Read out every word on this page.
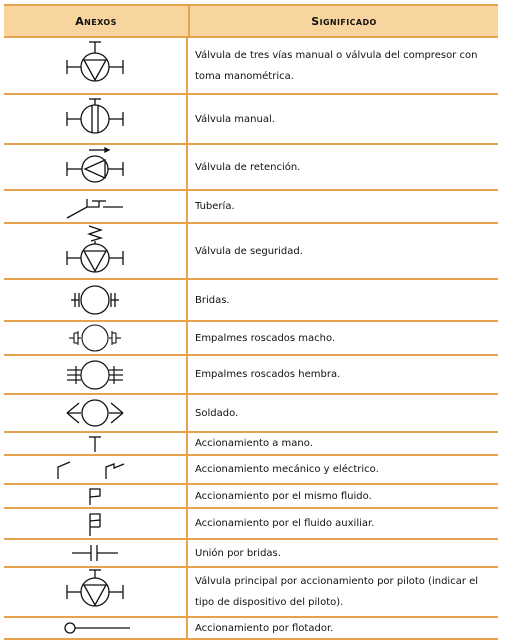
Anexos	Significado
Válvula de tres vías manual o válvula del compresor con toma manométrica.
Válvula manual.
Válvula de retención.
Tubería.
Válvula de seguridad.
Bridas.
Empalmes roscados macho.
Empalmes roscados hembra.
Soldado.
Accionamiento a mano.
Accionamiento mecánico y eléctrico.
Accionamiento por el mismo fluido.
Accionamiento por el fluido auxiliar.
Unión por bridas.
Válvula principal por accionamiento por piloto (indicar el tipo de dispositivo del piloto).
Accionamiento por flotador.
